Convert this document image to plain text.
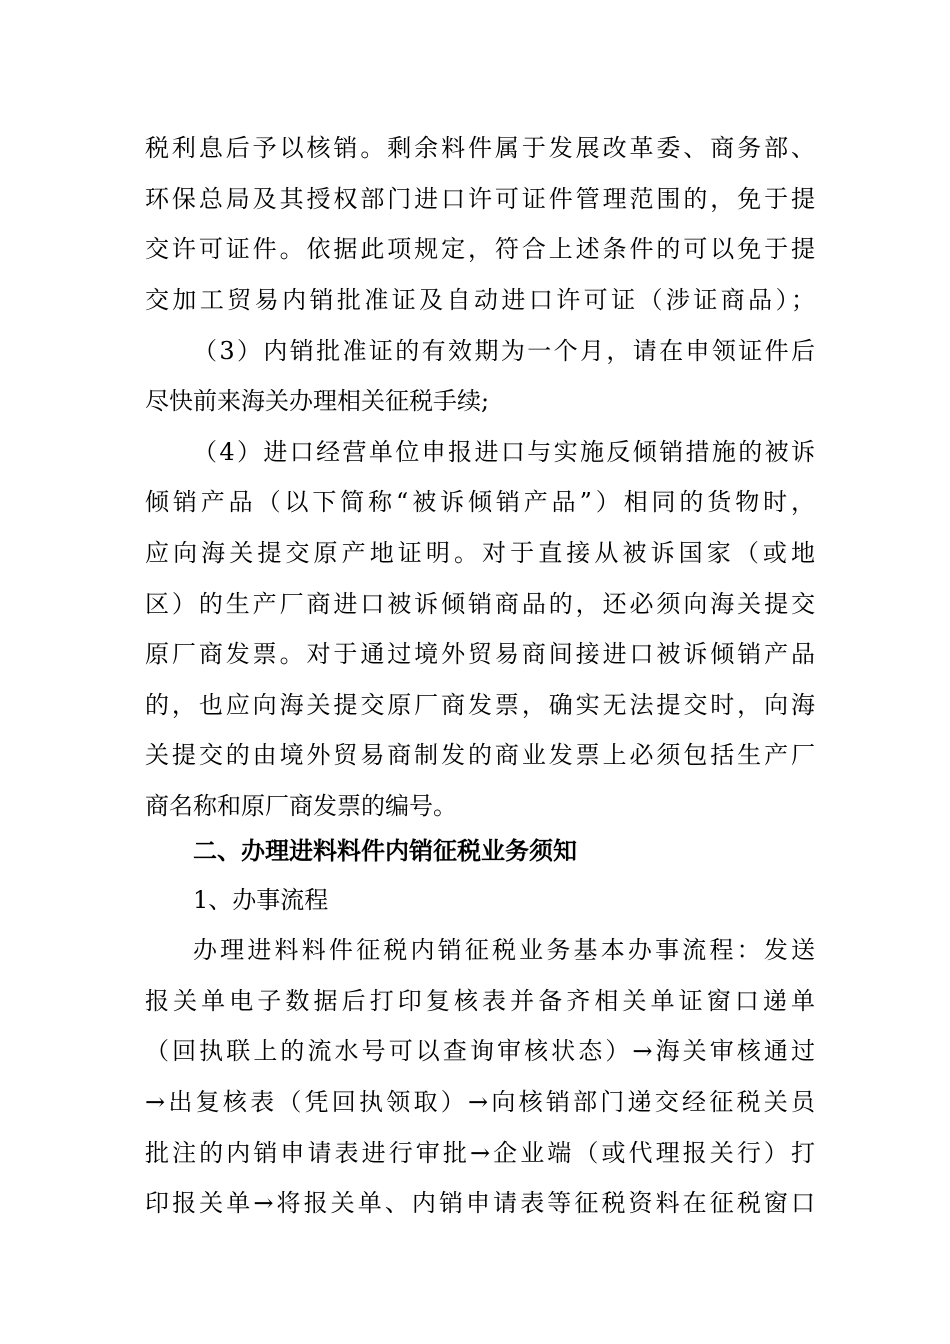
税利息后予以核销。剩余料件属于发展改革委、商务部、
环保总局及其授权部门进口许可证件管理范围的，免于提
交许可证件。依据此项规定，符合上述条件的可以免于提
交加工贸易内销批准证及自动进口许可证（涉证商品）；
（3）内销批准证的有效期为一个月，请在申领证件后
尽快前来海关办理相关征税手续;
（4）进口经营单位申报进口与实施反倾销措施的被诉
倾销产品（以下简称“被诉倾销产品”）相同的货物时，
应向海关提交原产地证明。对于直接从被诉国家（或地
区）的生产厂商进口被诉倾销商品的，还必须向海关提交
原厂商发票。对于通过境外贸易商间接进口被诉倾销产品
的，也应向海关提交原厂商发票，确实无法提交时，向海
关提交的由境外贸易商制发的商业发票上必须包括生产厂
商名称和原厂商发票的编号。
二、办理进料料件内销征税业务须知
1、办事流程
办理进料料件征税内销征税业务基本办事流程：发送
报关单电子数据后打印复核表并备齐相关单证窗口递单
（回执联上的流水号可以查询审核状态）→海关审核通过
→出复核表（凭回执领取）→向核销部门递交经征税关员
批注的内销申请表进行审批→企业端（或代理报关行）打
印报关单→将报关单、内销申请表等征税资料在征税窗口
